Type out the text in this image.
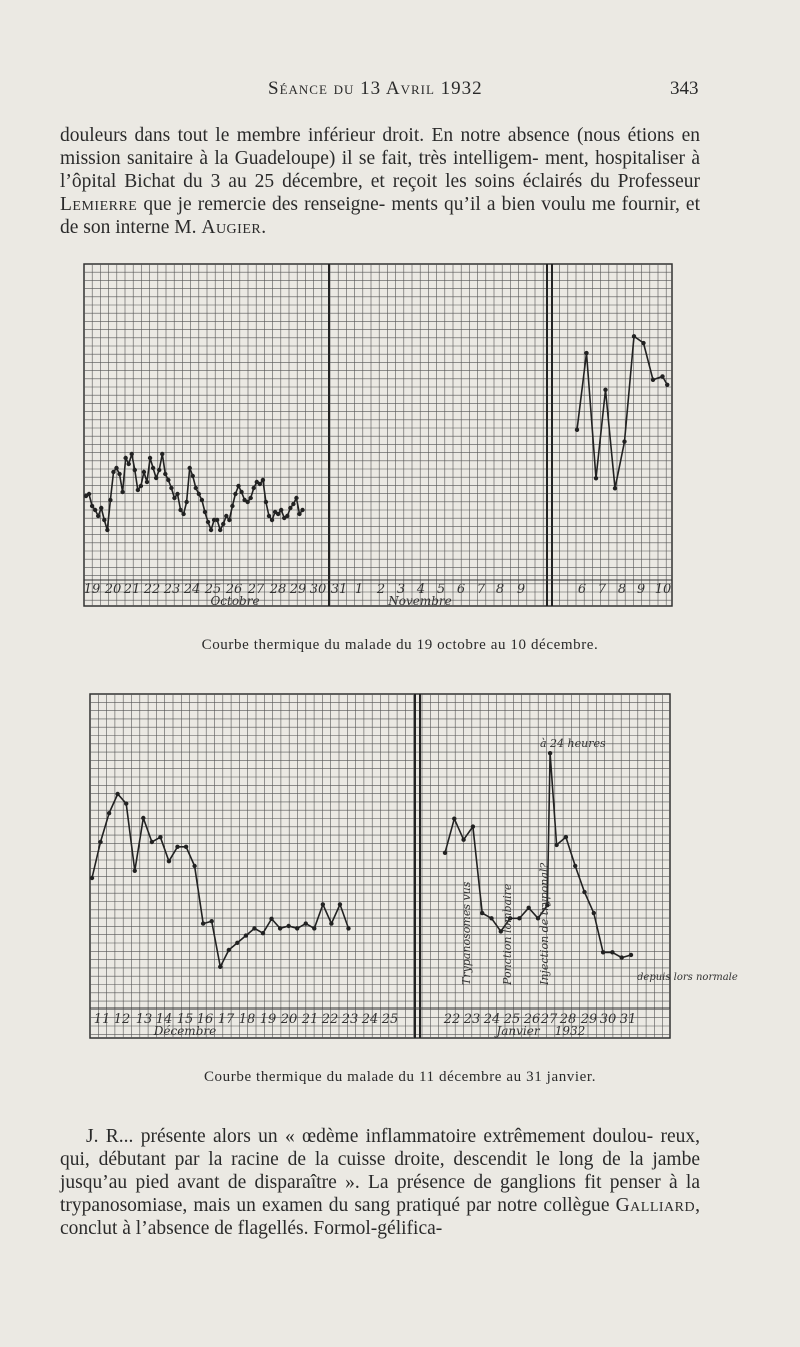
Séance du 13 Avril 1932	343
douleurs dans tout le membre inférieur droit. En notre absence (nous étions en mission sanitaire à la Guadeloupe) il se fait, très intelligem- ment, hospitaliser à l’ôpital Bichat du 3 au 25 décembre, et reçoit les soins éclairés du Professeur Lemierre que je remercie des renseigne- ments qu’il a bien voulu me fournir, et de son interne M. Augier.
19 20 21 22 23 24 25 26 27 28 29 30 31 1 2 3 4 5 6 7 8 9	6 7 8 9 10
Octobre	Novembre
11 12 13 14 15 16 17 18 19 20 21 22 23 24 25	22 23 24 25 26 27 28 29 30 31
Décembre	Janvier 1932
Trypanosomes vus	Ponction lombaire Injection de tryponal?
à 24 heures
depuis lors normale
Courbe thermique du malade du 19 octobre au 10 décembre.
Courbe thermique du malade du 11 décembre au 31 janvier.
J. R... présente alors un « œdème inflammatoire extrêmement doulou- reux, qui, débutant par la racine de la cuisse droite, descendit le long de la jambe jusqu’au pied avant de disparaître ». La présence de ganglions fit penser à la trypanosomiase, mais un examen du sang pratiqué par notre collègue Galliard, conclut à l’absence de flagellés. Formol-gélifica-
